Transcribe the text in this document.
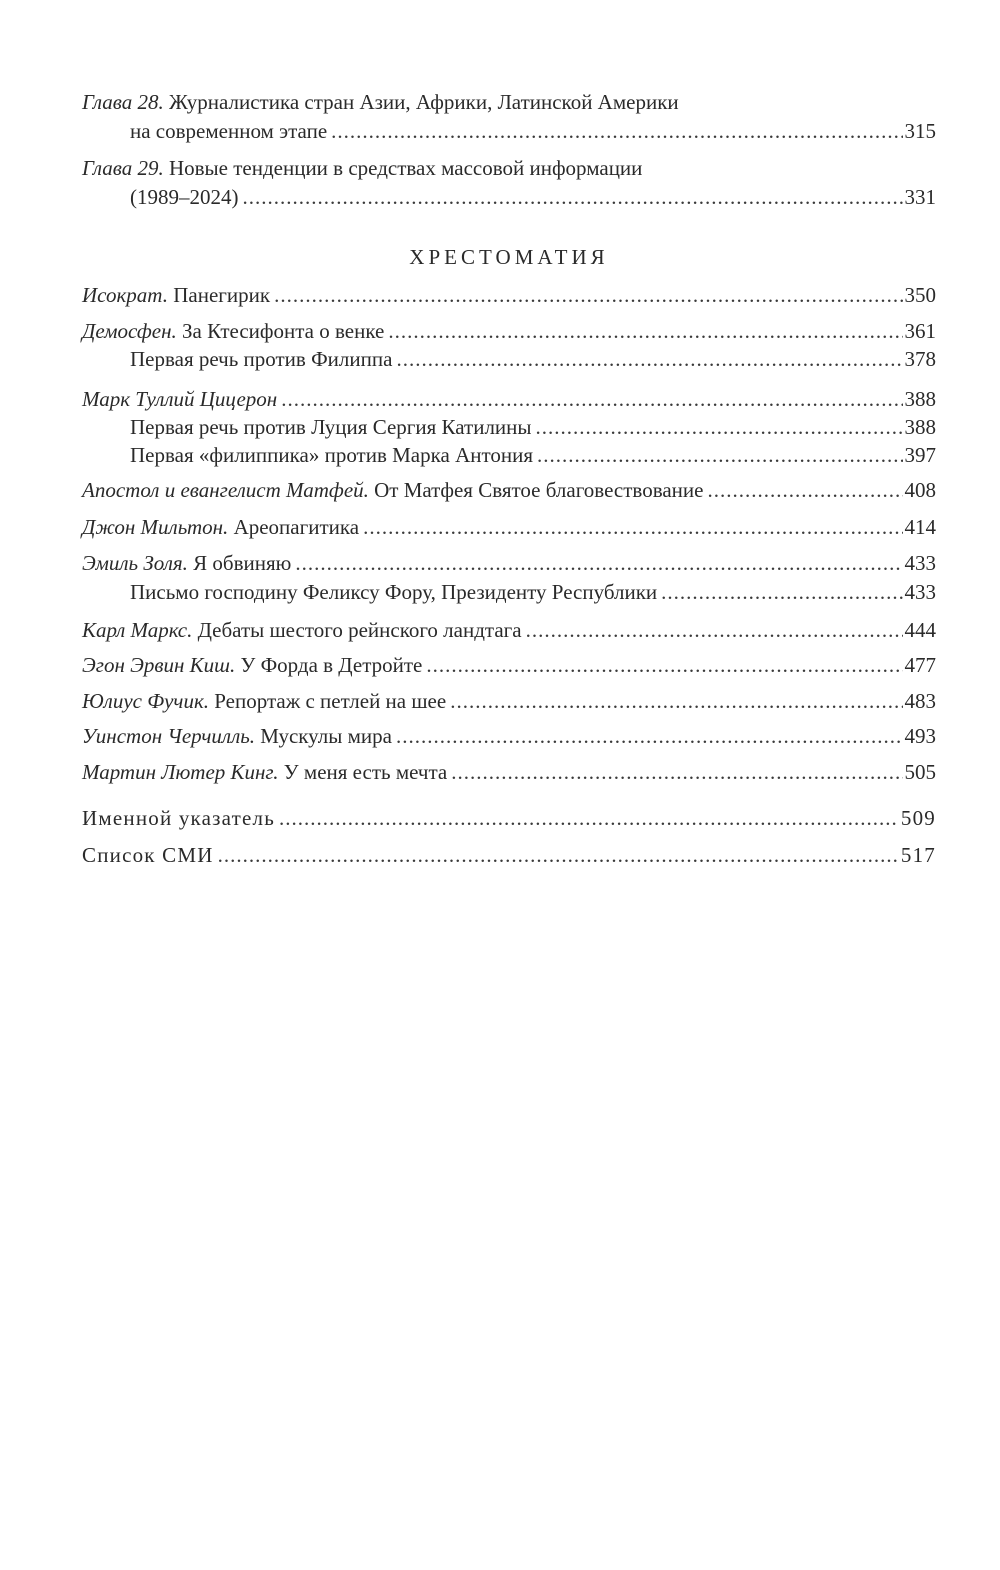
Глава 28. Журналистика стран Азии, Африки, Латинской Америки
на современном этапе .....	315
Глава 29. Новые тенденции в средствах массовой информации
(1989–2024) .....	331
ХРЕСТОМАТИЯ
Исократ. Панегирик .....	350
Демосфен. За Ктесифонта о венке .....	361
Первая речь против Филиппа .....	378
Марк Туллий Цицерон .....	388
Первая речь против Луция Сергия Катилины .....	388
Первая «филиппика» против Марка Антония .....	397
Апостол и евангелист Матфей. От Матфея Святое благовествование .....	408
Джон Мильтон. Ареопагитика .....	414
Эмиль Золя. Я обвиняю .....	433
Письмо господину Феликсу Фору, Президенту Республики .....	433
Карл Маркс. Дебаты шестого рейнского ландтага .....	444
Эгон Эрвин Киш. У Форда в Детройте .....	477
Юлиус Фучик. Репортаж с петлей на шее .....	483
Уинстон Черчилль. Мускулы мира .....	493
Мартин Лютер Кинг. У меня есть мечта .....	505
Именной указатель .....	509
Список СМИ .....	517
